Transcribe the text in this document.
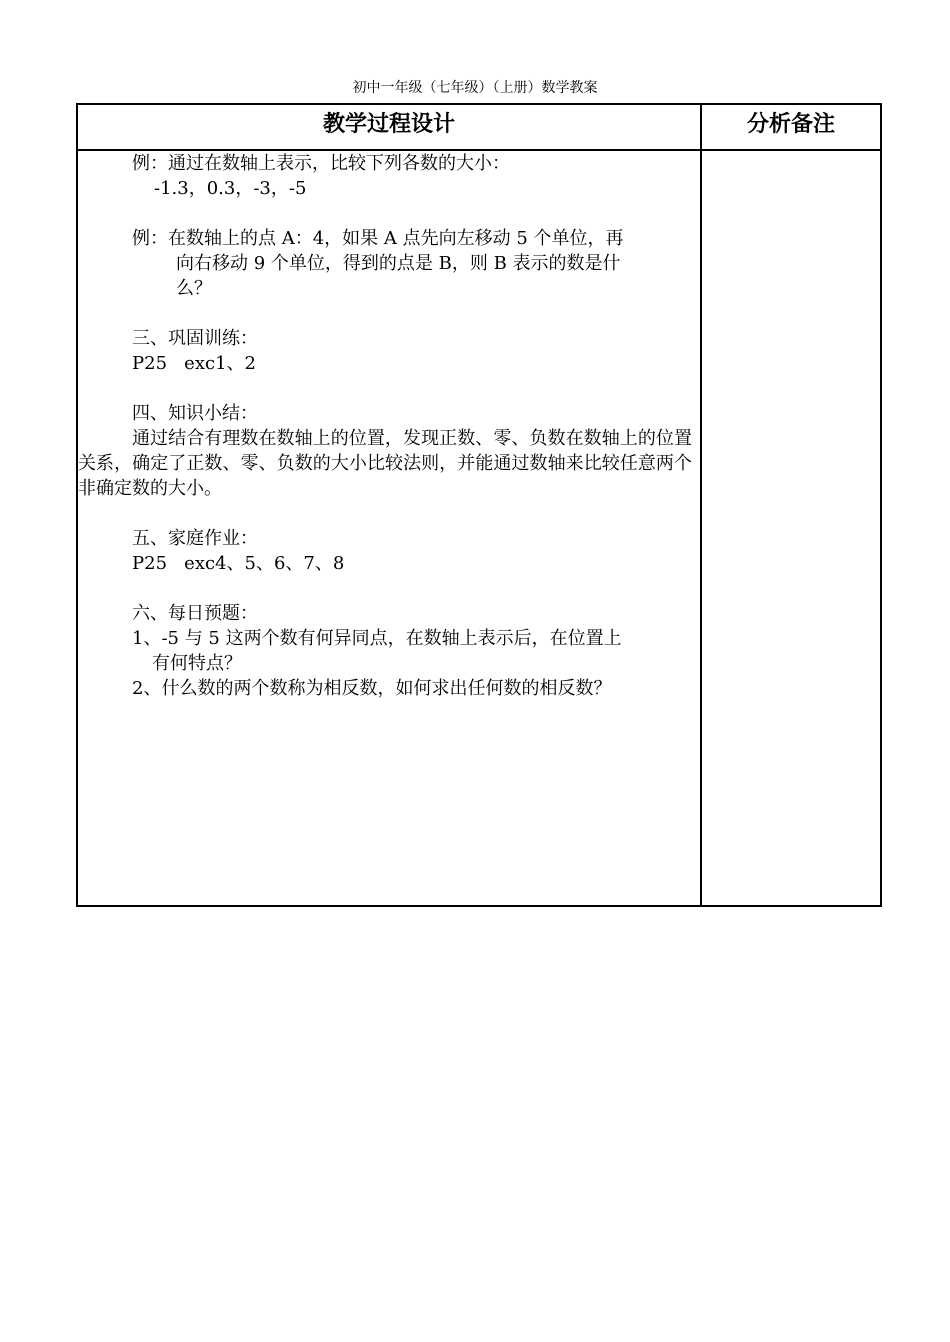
初中一年级（七年级）（上册）数学教案
教学过程设计	分析备注
例：通过在数轴上表示，比较下列各数的大小：
-1.3，0.3，-3，-5
例：在数轴上的点 A：4，如果 A 点先向左移动 5 个单位，再
向右移动 9 个单位，得到的点是 B，则 B 表示的数是什
么？
三、巩固训练：
P25   exc1、2
四、知识小结：
通过结合有理数在数轴上的位置，发现正数、零、负数在数轴上的位置关系，确定了正数、零、负数的大小比较法则，并能通过数轴来比较任意两个非确定数的大小。
五、家庭作业：
P25   exc4、5、6、7、8
六、每日预题：
1、-5 与 5 这两个数有何异同点，在数轴上表示后，在位置上
有何特点？
2、什么数的两个数称为相反数，如何求出任何数的相反数？
